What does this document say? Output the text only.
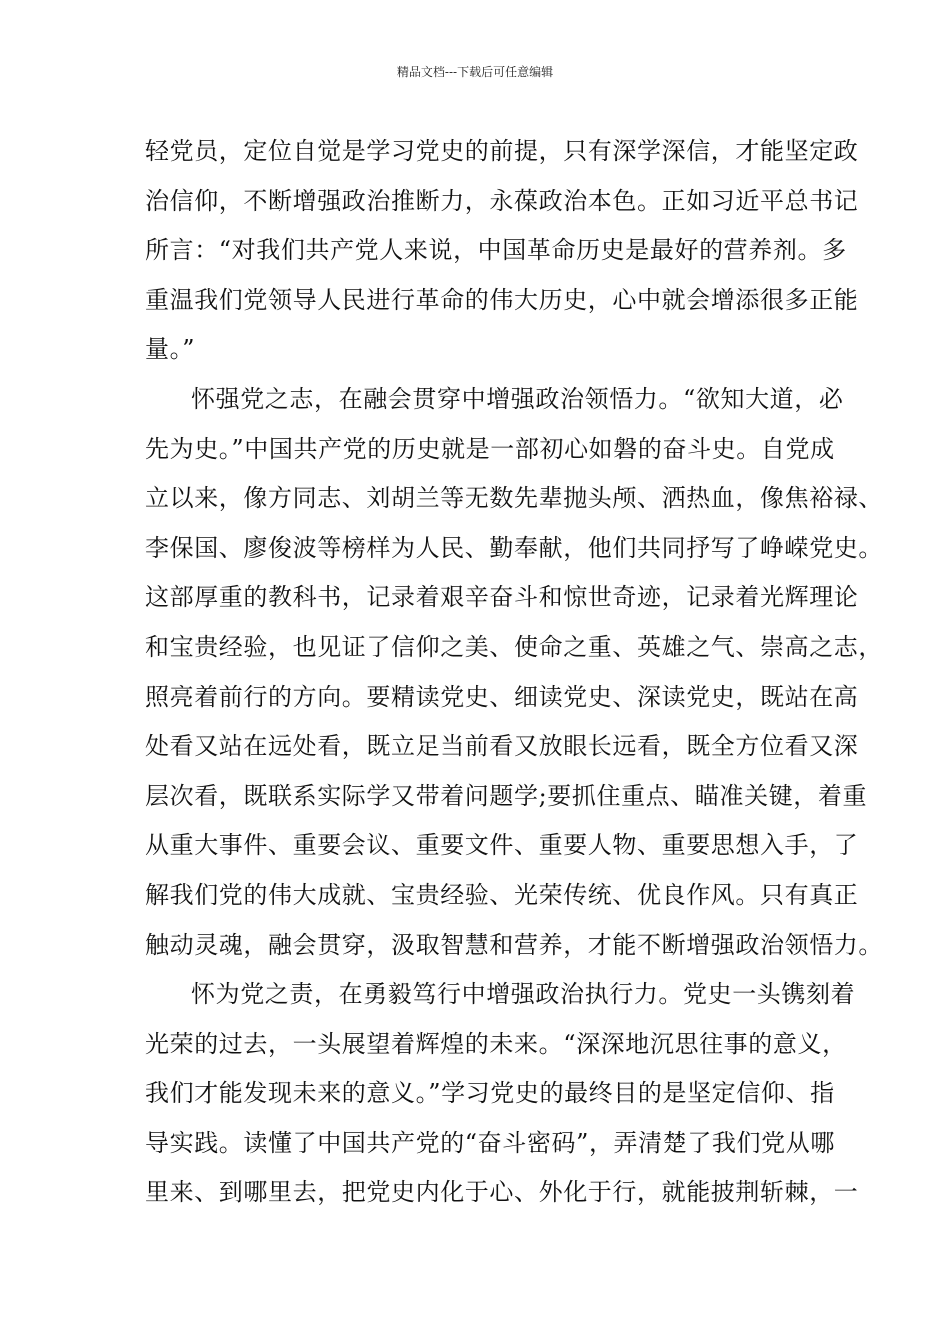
精品文档---下载后可任意编辑
轻党员，定位自觉是学习党史的前提，只有深学深信，才能坚定政
治信仰，不断增强政治推断力，永葆政治本色。正如习近平总书记
所言：“对我们共产党人来说，中国革命历史是最好的营养剂。多
重温我们党领导人民进行革命的伟大历史，心中就会增添很多正能
量。”
怀强党之志，在融会贯穿中增强政治领悟力。“欲知大道，必
先为史。”中国共产党的历史就是一部初心如磐的奋斗史。自党成
立以来，像方同志、刘胡兰等无数先辈抛头颅、洒热血，像焦裕禄、
李保国、廖俊波等榜样为人民、勤奉献，他们共同抒写了峥嵘党史。
这部厚重的教科书，记录着艰辛奋斗和惊世奇迹，记录着光辉理论
和宝贵经验，也见证了信仰之美、使命之重、英雄之气、崇高之志，
照亮着前行的方向。要精读党史、细读党史、深读党史，既站在高
处看又站在远处看，既立足当前看又放眼长远看，既全方位看又深
层次看，既联系实际学又带着问题学;要抓住重点、瞄准关键，着重
从重大事件、重要会议、重要文件、重要人物、重要思想入手，了
解我们党的伟大成就、宝贵经验、光荣传统、优良作风。只有真正
触动灵魂，融会贯穿，汲取智慧和营养，才能不断增强政治领悟力。
怀为党之责，在勇毅笃行中增强政治执行力。党史一头镌刻着
光荣的过去，一头展望着辉煌的未来。“深深地沉思往事的意义，
我们才能发现未来的意义。”学习党史的最终目的是坚定信仰、指
导实践。读懂了中国共产党的“奋斗密码”，弄清楚了我们党从哪
里来、到哪里去，把党史内化于心、外化于行，就能披荆斩棘，一
